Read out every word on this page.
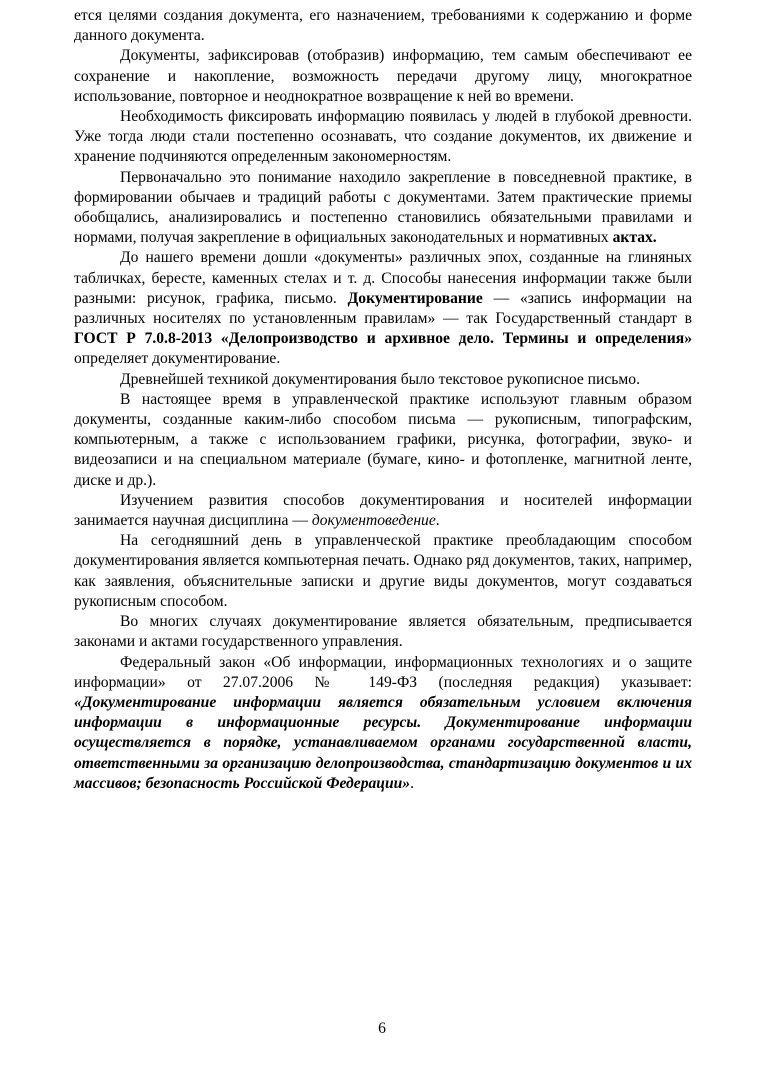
ется целями создания документа, его назначением, требованиями к содержанию и форме данного документа.

Документы, зафиксировав (отобразив) информацию, тем самым обеспечивают ее сохранение и накопление, возможность передачи другому лицу, многократное использование, повторное и неоднократное возвращение к ней во времени.

Необходимость фиксировать информацию появилась у людей в глубокой древности. Уже тогда люди стали постепенно осознавать, что создание документов, их движение и хранение подчиняются определенным закономерностям.

Первоначально это понимание находило закрепление в повседневной практике, в формировании обычаев и традиций работы с документами. Затем практические приемы обобщались, анализировались и постепенно становились обязательными правилами и нормами, получая закрепление в официальных законодательных и нормативных актах.

До нашего времени дошли «документы» различных эпох, созданные на глиняных табличках, бересте, каменных стелах и т. д. Способы нанесения информации также были разными: рисунок, графика, письмо. Документирование — «запись информации на различных носителях по установленным правилам» — так Государственный стандарт в ГОСТ Р 7.0.8-2013 «Делопроизводство и архивное дело. Термины и определения» определяет документирование.

Древнейшей техникой документирования было текстовое рукописное письмо.

В настоящее время в управленческой практике используют главным образом документы, созданные каким-либо способом письма — рукописным, типографским, компьютерным, а также с использованием графики, рисунка, фотографии, звуко- и видеозаписи и на специальном материале (бумаге, кино- и фотопленке, магнитной ленте, диске и др.).

Изучением развития способов документирования и носителей информации занимается научная дисциплина — документоведение.

На сегодняшний день в управленческой практике преобладающим способом документирования является компьютерная печать. Однако ряд документов, таких, например, как заявления, объяснительные записки и другие виды документов, могут создаваться рукописным способом.

Во многих случаях документирование является обязательным, предписывается законами и актами государственного управления.

Федеральный закон «Об информации, информационных технологиях и о защите информации» от 27.07.2006 № 149-ФЗ (последняя редакция) указывает: «Документирование информации является обязательным условием включения информации в информационные ресурсы. Документирование информации осуществляется в порядке, устанавливаемом органами государственной власти, ответственными за организацию делопроизводства, стандартизацию документов и их массивов; безопасность Российской Федерации».

6
